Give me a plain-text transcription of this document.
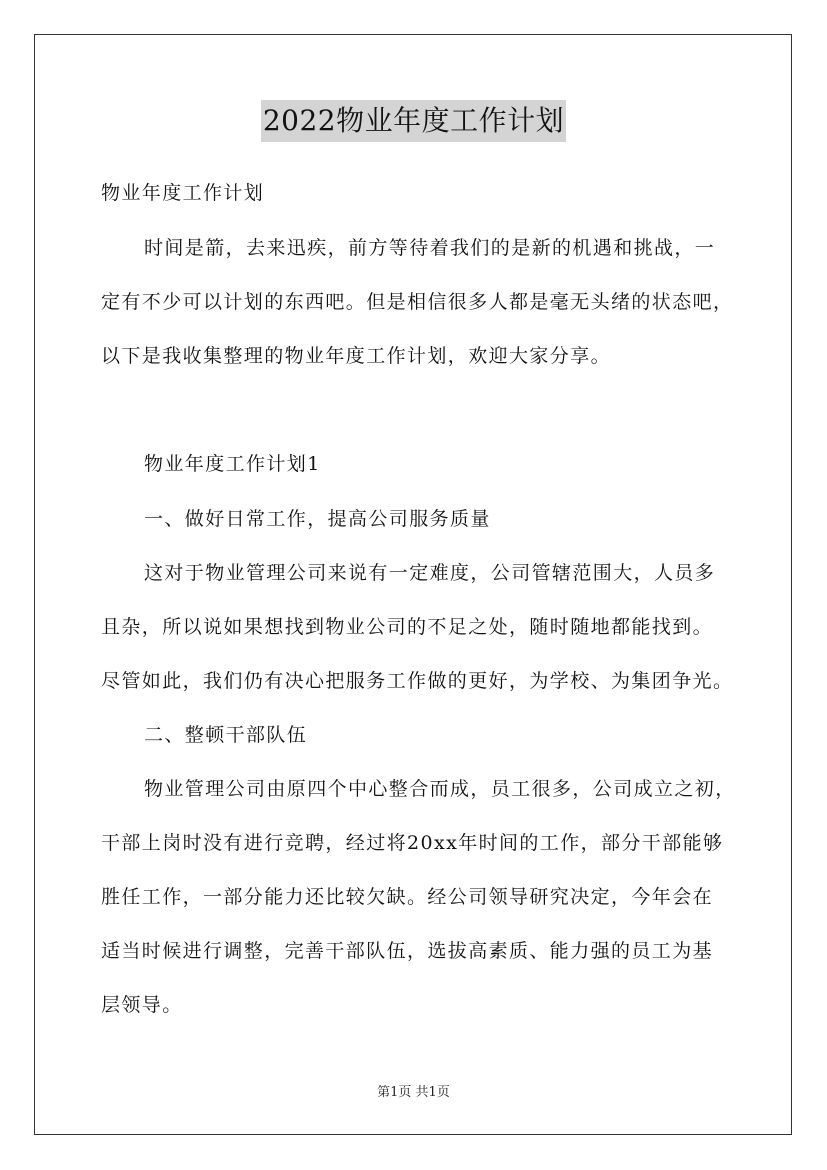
2022物业年度工作计划
物业年度工作计划
时间是箭，去来迅疾，前方等待着我们的是新的机遇和挑战，一
定有不少可以计划的东西吧。但是相信很多人都是毫无头绪的状态吧，
以下是我收集整理的物业年度工作计划，欢迎大家分享。
物业年度工作计划1
一、做好日常工作，提高公司服务质量
这对于物业管理公司来说有一定难度，公司管辖范围大，人员多
且杂，所以说如果想找到物业公司的不足之处，随时随地都能找到。
尽管如此，我们仍有决心把服务工作做的更好，为学校、为集团争光。
二、整顿干部队伍
物业管理公司由原四个中心整合而成，员工很多，公司成立之初，
干部上岗时没有进行竞聘，经过将20xx年时间的工作，部分干部能够
胜任工作，一部分能力还比较欠缺。经公司领导研究决定，今年会在
适当时候进行调整，完善干部队伍，选拔高素质、能力强的员工为基
层领导。
第1页 共1页
